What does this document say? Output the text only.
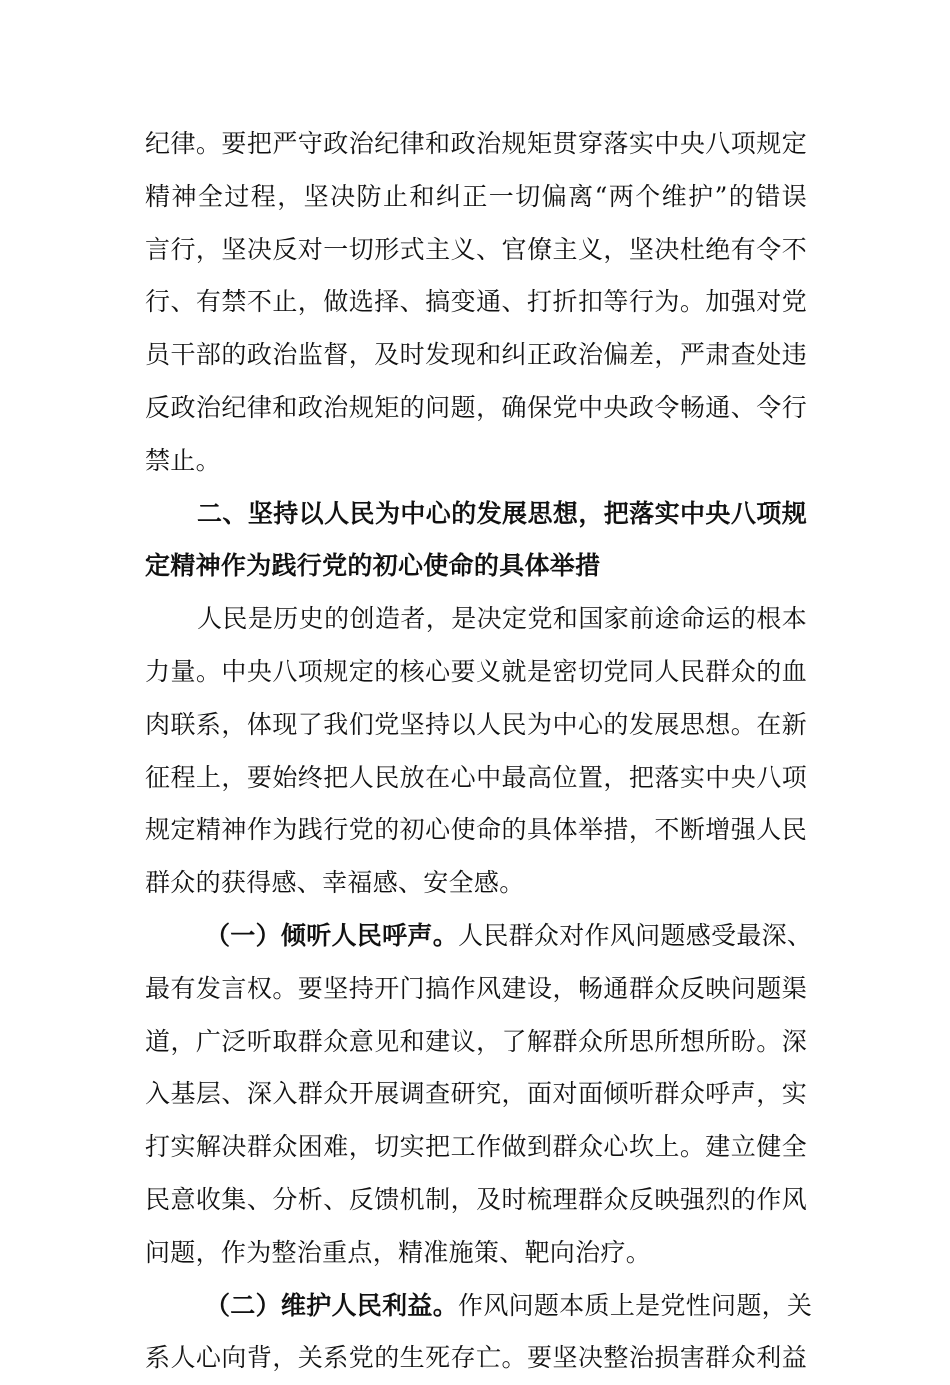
纪律。要把严守政治纪律和政治规矩贯穿落实中央八项规定
精神全过程，坚决防止和纠正一切偏离“两个维护”的错误
言行，坚决反对一切形式主义、官僚主义，坚决杜绝有令不
行、有禁不止，做选择、搞变通、打折扣等行为。加强对党
员干部的政治监督，及时发现和纠正政治偏差，严肃查处违
反政治纪律和政治规矩的问题，确保党中央政令畅通、令行
禁止。
二、坚持以人民为中心的发展思想，把落实中央八项规
定精神作为践行党的初心使命的具体举措
人民是历史的创造者，是决定党和国家前途命运的根本
力量。中央八项规定的核心要义就是密切党同人民群众的血
肉联系，体现了我们党坚持以人民为中心的发展思想。在新
征程上，要始终把人民放在心中最高位置，把落实中央八项
规定精神作为践行党的初心使命的具体举措，不断增强人民
群众的获得感、幸福感、安全感。
（一）倾听人民呼声。人民群众对作风问题感受最深、
最有发言权。要坚持开门搞作风建设，畅通群众反映问题渠
道，广泛听取群众意见和建议，了解群众所思所想所盼。深
入基层、深入群众开展调查研究，面对面倾听群众呼声，实
打实解决群众困难，切实把工作做到群众心坎上。建立健全
民意收集、分析、反馈机制，及时梳理群众反映强烈的作风
问题，作为整治重点，精准施策、靶向治疗。
（二）维护人民利益。作风问题本质上是党性问题，关
系人心向背，关系党的生死存亡。要坚决整治损害群众利益
